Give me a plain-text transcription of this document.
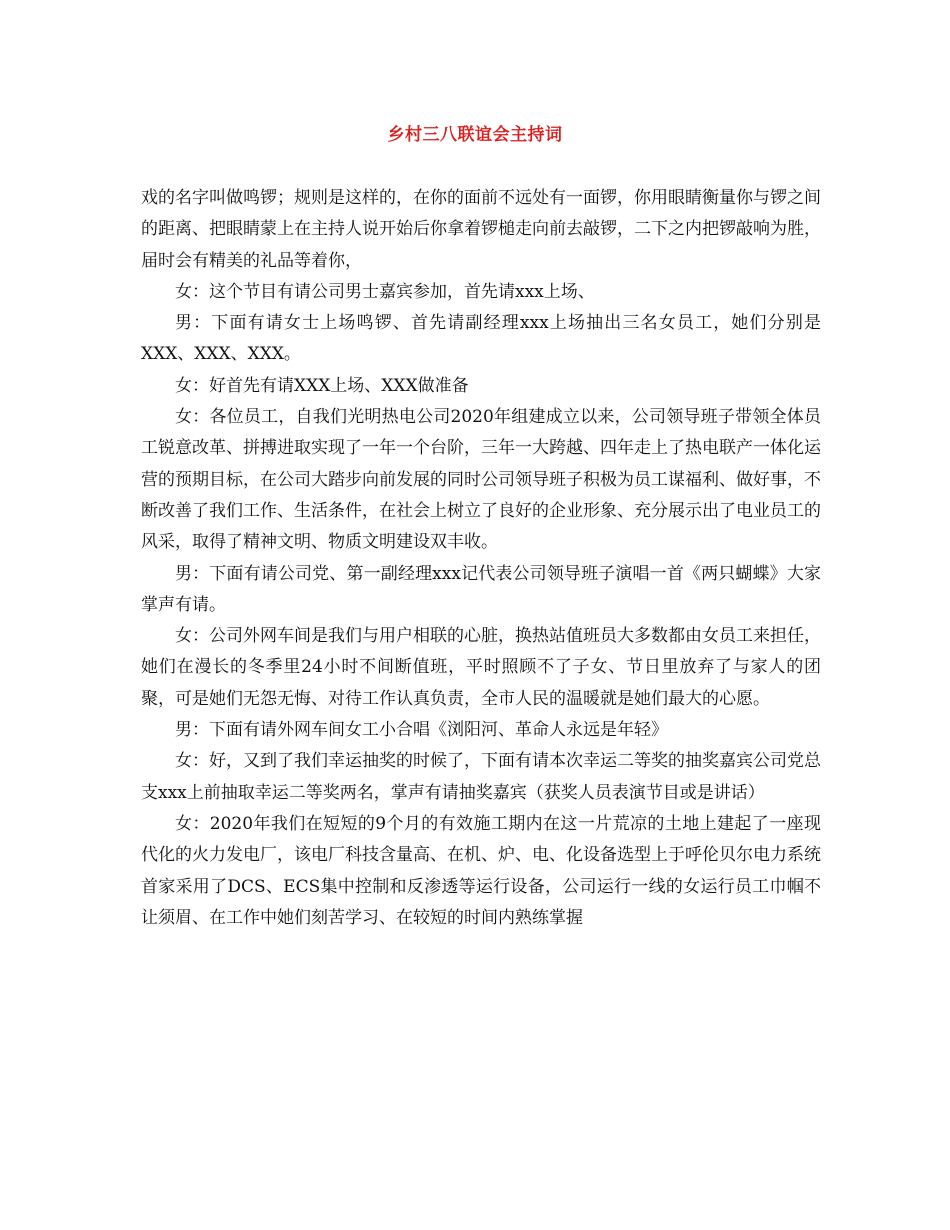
乡村三八联谊会主持词

戏的名字叫做鸣锣；规则是这样的，在你的面前不远处有一面锣，你用眼睛衡量你与锣之间的距离、把眼睛蒙上在主持人说开始后你拿着锣槌走向前去敲锣，二下之内把锣敲响为胜，届时会有精美的礼品等着你，

女：这个节目有请公司男士嘉宾参加，首先请xxx上场、

男：下面有请女士上场鸣锣、首先请副经理xxx上场抽出三名女员工，她们分别是 XXX、XXX、XXX。

女：好首先有请XXX上场、XXX做准备

女：各位员工，自我们光明热电公司2020年组建成立以来，公司领导班子带领全体员工锐意改革、拼搏进取实现了一年一个台阶，三年一大跨越、四年走上了热电联产一体化运营的预期目标，在公司大踏步向前发展的同时公司领导班子积极为员工谋福利、做好事，不断改善了我们工作、生活条件，在社会上树立了良好的企业形象、充分展示出了电业员工的风采，取得了精神文明、物质文明建设双丰收。

男：下面有请公司党、第一副经理xxx记代表公司领导班子演唱一首《两只蝴蝶》大家掌声有请。

女：公司外网车间是我们与用户相联的心脏，换热站值班员大多数都由女员工来担任，她们在漫长的冬季里24小时不间断值班，平时照顾不了子女、节日里放弃了与家人的团聚，可是她们无怨无悔、对待工作认真负责，全市人民的温暖就是她们最大的心愿。

男：下面有请外网车间女工小合唱《浏阳河、革命人永远是年轻》

女：好，又到了我们幸运抽奖的时候了，下面有请本次幸运二等奖的抽奖嘉宾公司党总支xxx上前抽取幸运二等奖两名，掌声有请抽奖嘉宾（获奖人员表演节目或是讲话）

女：2020年我们在短短的9个月的有效施工期内在这一片荒凉的土地上建起了一座现代化的火力发电厂，该电厂科技含量高、在机、炉、电、化设备选型上于呼伦贝尔电力系统首家采用了DCS、ECS集中控制和反渗透等运行设备，公司运行一线的女运行员工巾帼不让须眉、在工作中她们刻苦学习、在较短的时间内熟练掌握
